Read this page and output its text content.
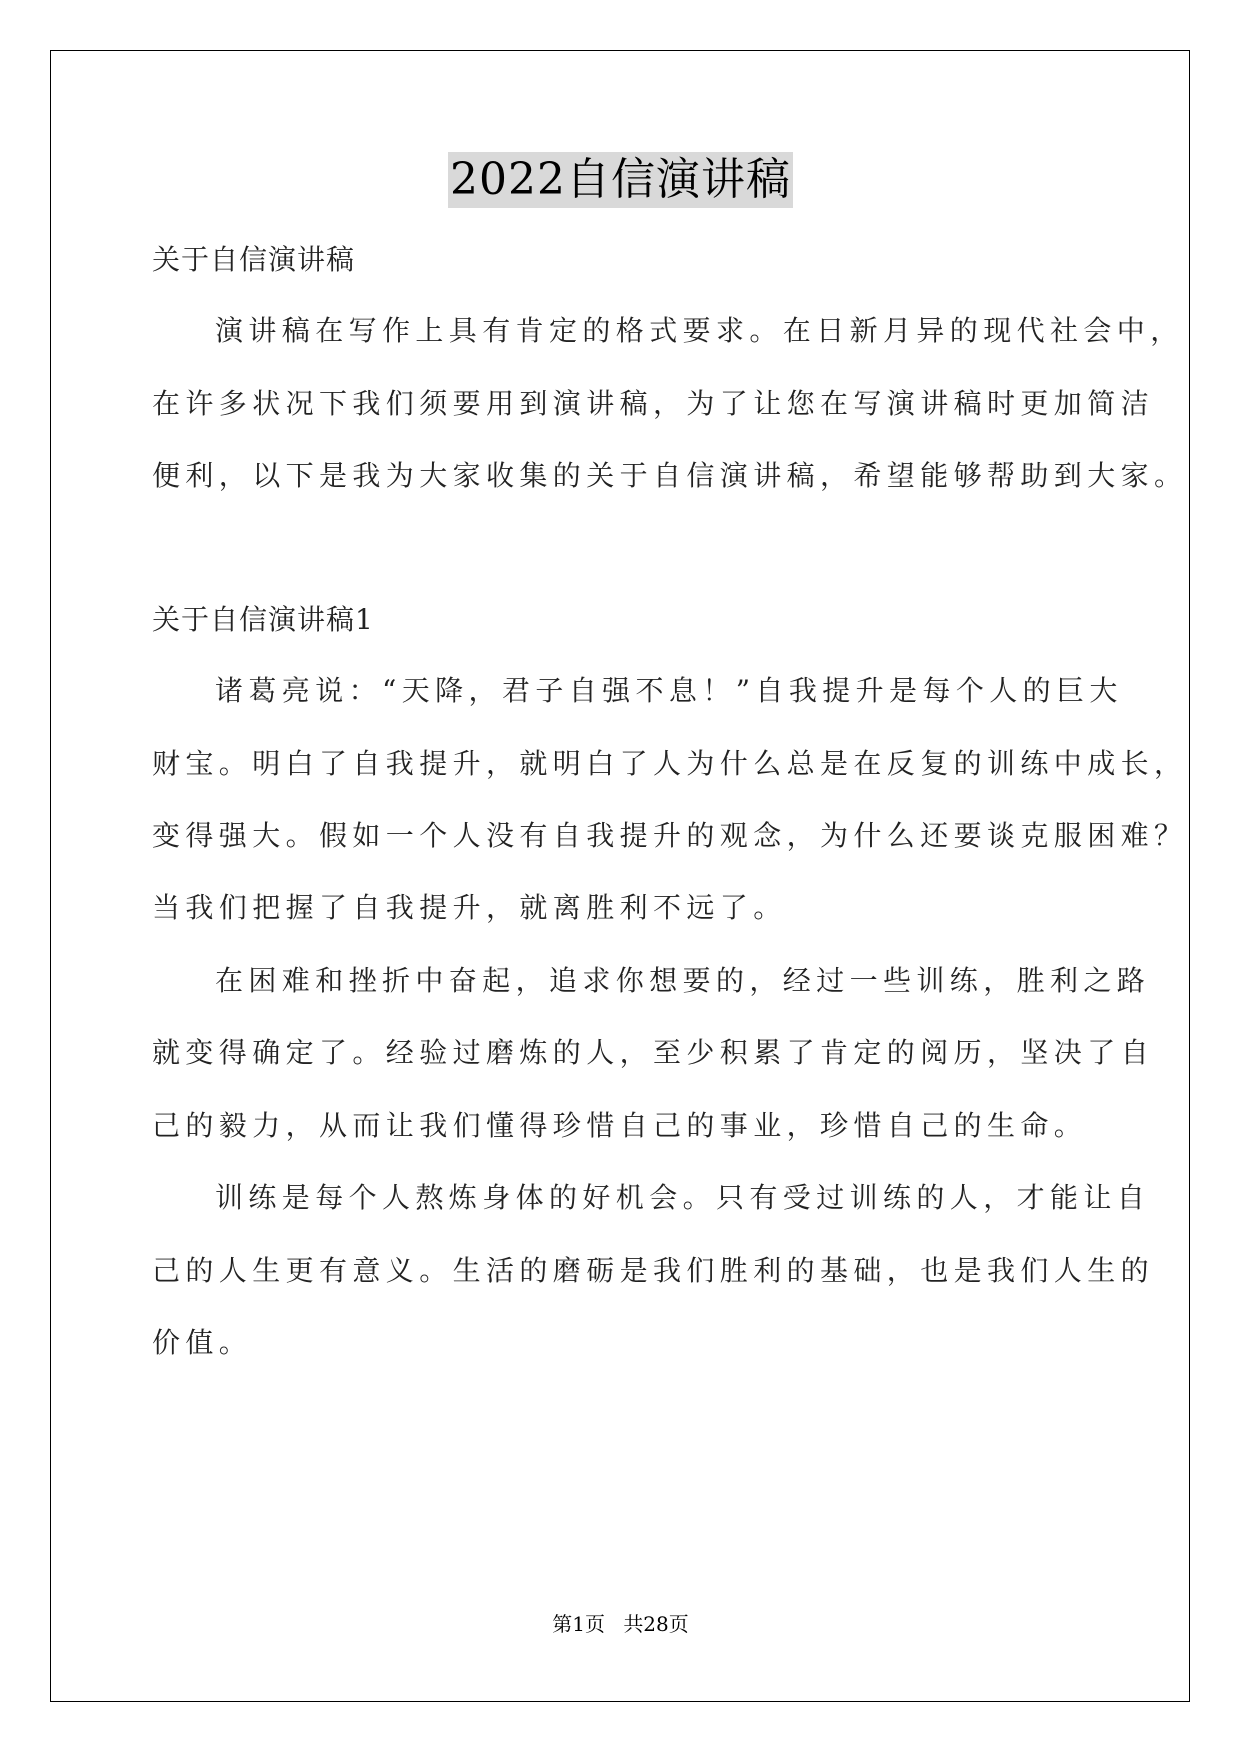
2022自信演讲稿
关于自信演讲稿
演讲稿在写作上具有肯定的格式要求。在日新月异的现代社会中，
在许多状况下我们须要用到演讲稿，为了让您在写演讲稿时更加简洁
便利，以下是我为大家收集的关于自信演讲稿，希望能够帮助到大家。
关于自信演讲稿1
诸葛亮说：“天降，君子自强不息！”自我提升是每个人的巨大
财宝。明白了自我提升，就明白了人为什么总是在反复的训练中成长，
变得强大。假如一个人没有自我提升的观念，为什么还要谈克服困难？
当我们把握了自我提升，就离胜利不远了。
在困难和挫折中奋起，追求你想要的，经过一些训练，胜利之路
就变得确定了。经验过磨炼的人，至少积累了肯定的阅历，坚决了自
己的毅力，从而让我们懂得珍惜自己的事业，珍惜自己的生命。
训练是每个人熬炼身体的好机会。只有受过训练的人，才能让自
己的人生更有意义。生活的磨砺是我们胜利的基础，也是我们人生的
价值。
第1页 共28页
